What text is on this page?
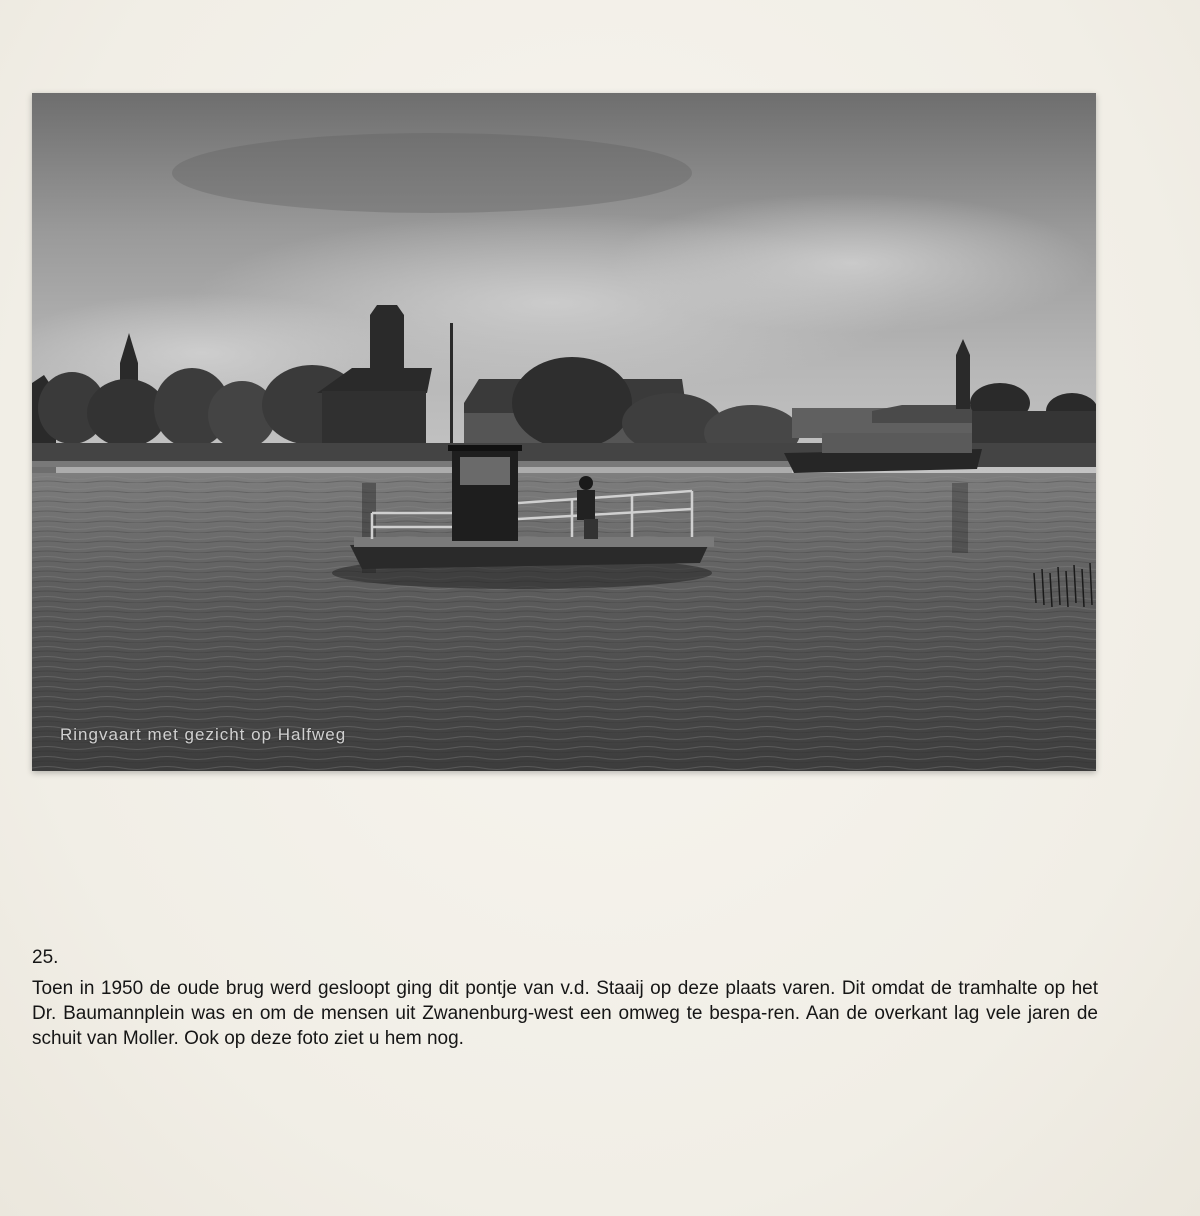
Ringvaart met gezicht op Halfweg

25.

Toen in 1950 de oude brug werd gesloopt ging dit pontje van v.d. Staaij op deze plaats varen. Dit omdat de tramhalte op het Dr. Baumannplein was en om de mensen uit Zwanenburg-west een omweg te bespa-ren. Aan de overkant lag vele jaren de schuit van Moller. Ook op deze foto ziet u hem nog.
